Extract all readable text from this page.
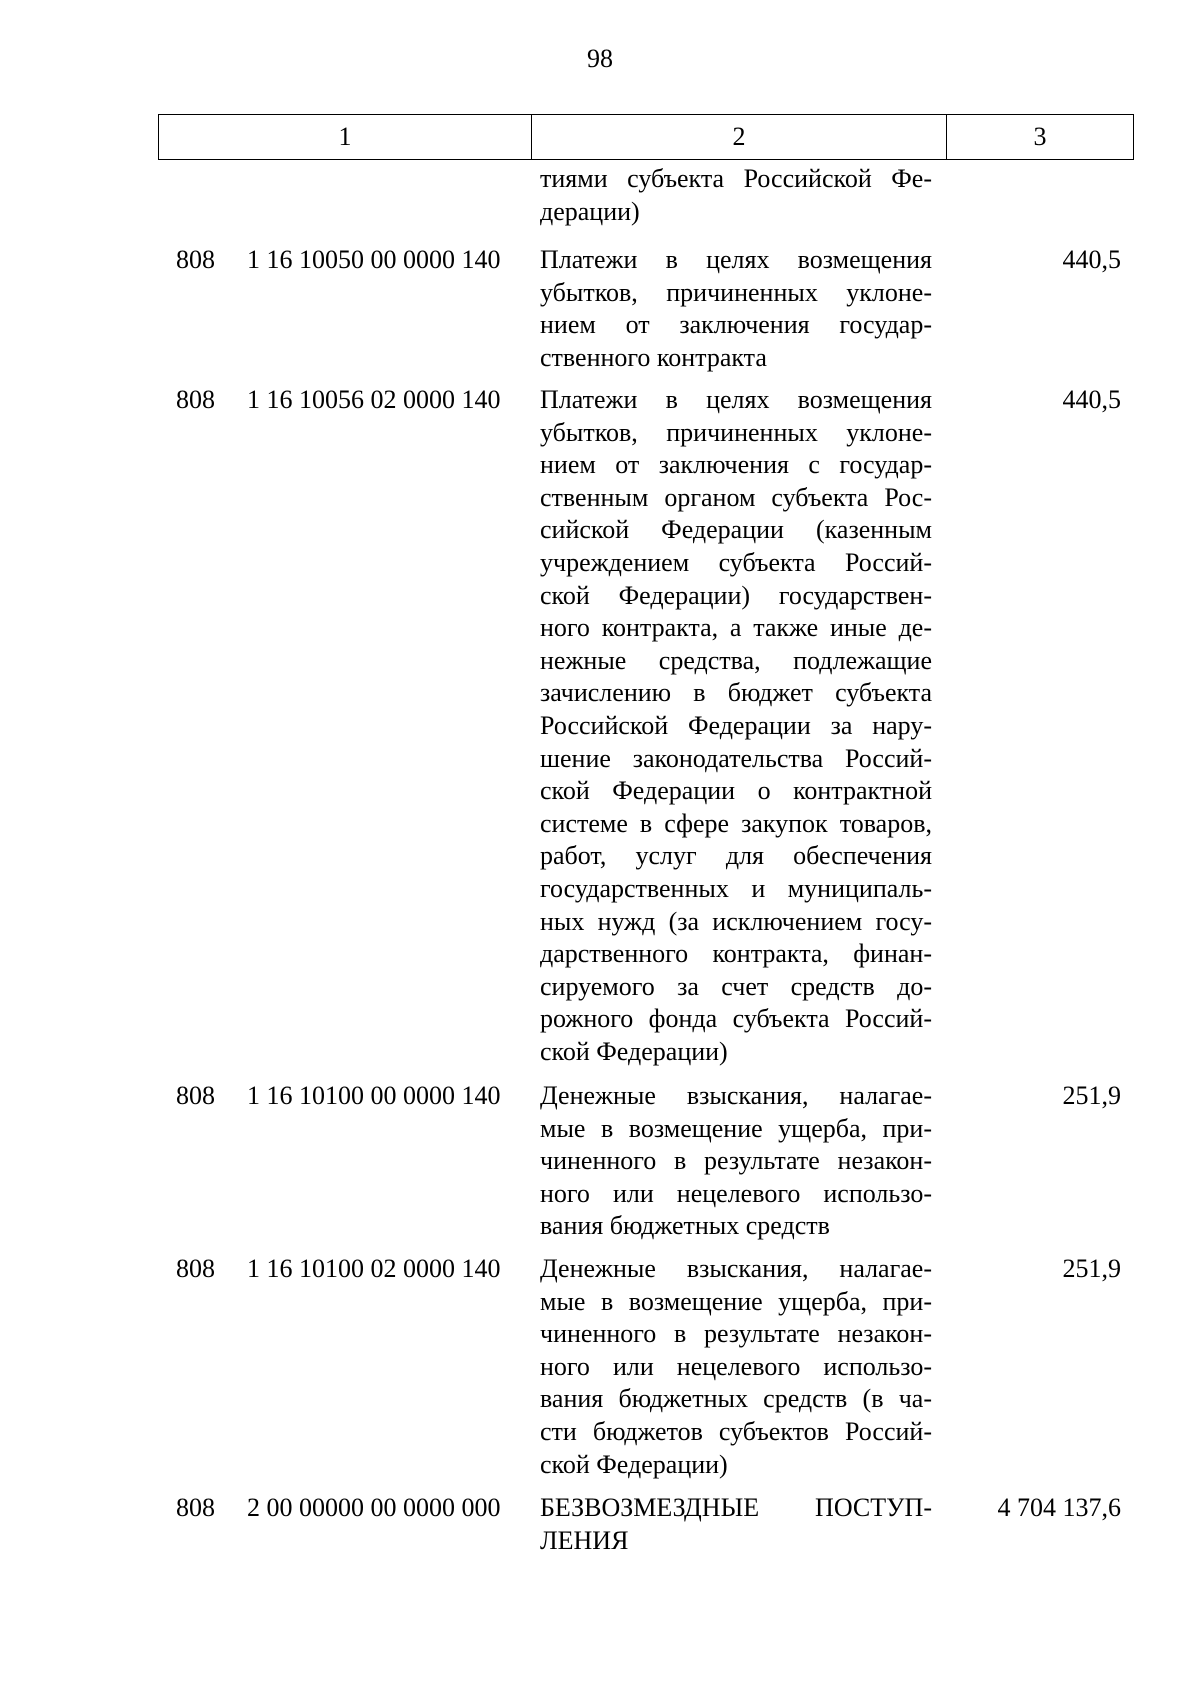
98
1	2	3
тиями субъекта Российской Фе-
дерации)
808 1 16 10050 00 0000 140 Платежи в целях возмещения
убытков, причиненных уклоне-
нием от заключения государ-
ственного контракта
440,5
808 1 16 10056 02 0000 140 Платежи в целях возмещения
убытков, причиненных уклоне-
нием от заключения с государ-
ственным органом субъекта Рос-
сийской Федерации (казенным
учреждением субъекта Россий-
ской Федерации) государствен-
ного контракта, а также иные де-
нежные средства, подлежащие
зачислению в бюджет субъекта
Российской Федерации за нару-
шение законодательства Россий-
ской Федерации о контрактной
системе в сфере закупок товаров,
работ, услуг для обеспечения
государственных и муниципаль-
ных нужд (за исключением госу-
дарственного контракта, финан-
сируемого за счет средств до-
рожного фонда субъекта Россий-
ской Федерации)
440,5
808 1 16 10100 00 0000 140 Денежные взыскания, налагае-
мые в возмещение ущерба, при-
чиненного в результате незакон-
ного или нецелевого использо-
вания бюджетных средств
251,9
808 1 16 10100 02 0000 140 Денежные взыскания, налагае-
мые в возмещение ущерба, при-
чиненного в результате незакон-
ного или нецелевого использо-
вания бюджетных средств (в ча-
сти бюджетов субъектов Россий-
ской Федерации)
251,9
808 2 00 00000 00 0000 000 БЕЗВОЗМЕЗДНЫЕ ПОСТУП-
ЛЕНИЯ
4 704 137,6
